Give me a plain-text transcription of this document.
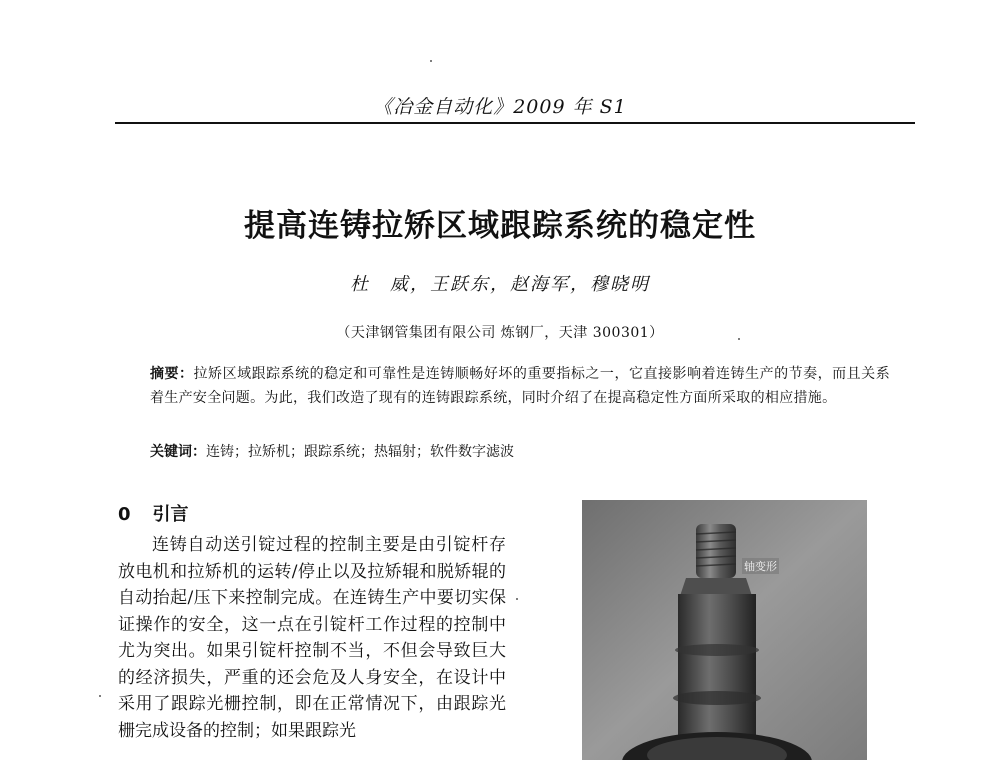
《冶金自动化》2009 年 S1
提高连铸拉矫区域跟踪系统的稳定性
杜　威，王跃东，赵海军，穆晓明
（天津钢管集团有限公司 炼钢厂，天津 300301）
摘要：拉矫区域跟踪系统的稳定和可靠性是连铸顺畅好坏的重要指标之一，它直接影响着连铸生产的节奏，而且关系着生产安全问题。为此，我们改造了现有的连铸跟踪系统，同时介绍了在提高稳定性方面所采取的相应措施。
关键词：连铸；拉矫机；跟踪系统；热辐射；软件数字滤波
0 引言

连铸自动送引锭过程的控制主要是由引锭杆存放电机和拉矫机的运转/停止以及拉矫辊和脱矫辊的自动抬起/压下来控制完成。在连铸生产中要切实保证操作的安全，这一点在引锭杆工作过程的控制中尤为突出。如果引锭杆控制不当，不但会导致巨大的经济损失，严重的还会危及人身安全，在设计中采用了跟踪光栅控制，即在正常情况下，由跟踪光栅完成设备的控制；如果跟踪光

轴变形
